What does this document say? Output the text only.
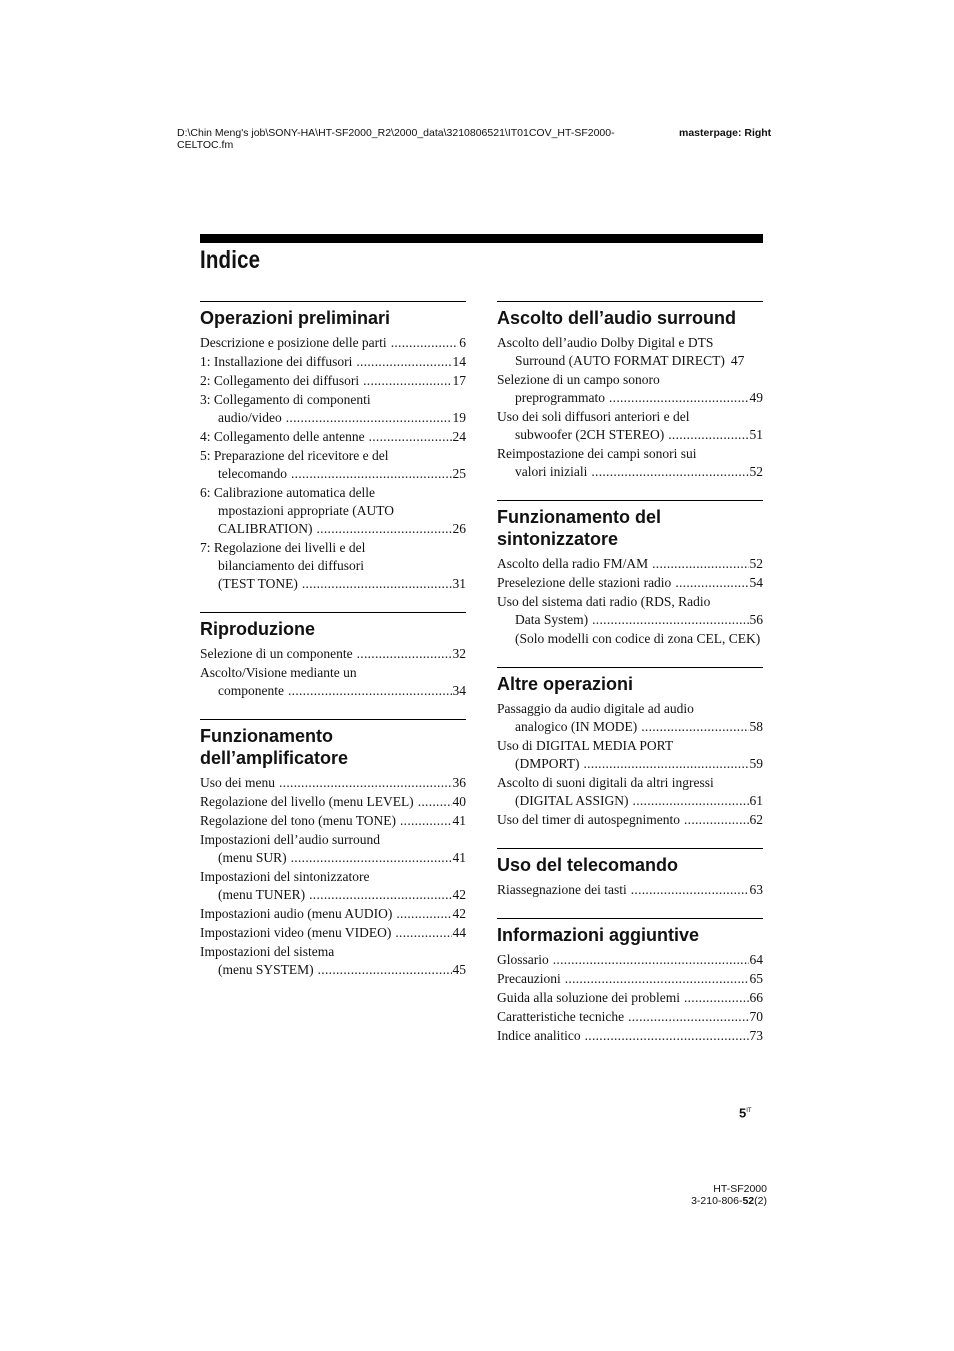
D:\Chin Meng's job\SONY-HA\HT-SF2000_R2\2000_data\3210806521\IT01COV_HT-SF2000-
CELTOC.fm
masterpage: Right
Indice
Operazioni preliminari
Descrizione e posizione delle parti .....	6
1: Installazione dei diffusori .....	14
2: Collegamento dei diffusori .....	17
3: Collegamento di componenti
audio/video .....	19
4: Collegamento delle antenne .....	24
5: Preparazione del ricevitore e del
telecomando .....	25
6: Calibrazione automatica delle
mpostazioni appropriate (AUTO
CALIBRATION) .....	26
7: Regolazione dei livelli e del
bilanciamento dei diffusori
(TEST TONE) .....	31
Riproduzione
Selezione di un componente .....	32
Ascolto/Visione mediante un
componente .....	34
Funzionamento
dell’amplificatore
Uso dei menu .....	36
Regolazione del livello (menu LEVEL) .....	40
Regolazione del tono (menu TONE) .....	41
Impostazioni dell’audio surround
(menu SUR) .....	41
Impostazioni del sintonizzatore
(menu TUNER) .....	42
Impostazioni audio (menu AUDIO) .....	42
Impostazioni video (menu VIDEO) .....	44
Impostazioni del sistema
(menu SYSTEM) .....	45
Ascolto dell’audio surround
Ascolto dell’audio Dolby Digital e DTS
Surround (AUTO FORMAT DIRECT) 47
Selezione di un campo sonoro
preprogrammato .....	49
Uso dei soli diffusori anteriori e del
subwoofer (2CH STEREO) .....	51
Reimpostazione dei campi sonori sui
valori iniziali .....	52
Funzionamento del
sintonizzatore
Ascolto della radio FM/AM .....	52
Preselezione delle stazioni radio .....	54
Uso del sistema dati radio (RDS, Radio
Data System) .....	56
(Solo modelli con codice di zona CEL, CEK)
Altre operazioni
Passaggio da audio digitale ad audio
analogico (IN MODE) .....	58
Uso di DIGITAL MEDIA PORT
(DMPORT) .....	59
Ascolto di suoni digitali da altri ingressi
(DIGITAL ASSIGN) .....	61
Uso del timer di autospegnimento .....	62
Uso del telecomando
Riassegnazione dei tasti .....	63
Informazioni aggiuntive
Glossario .....	64
Precauzioni .....	65
Guida alla soluzione dei problemi .....	66
Caratteristiche tecniche .....	70
Indice analitico .....	73
$5^{IT}$
HT-SF2000
3-210-806-52(2)
